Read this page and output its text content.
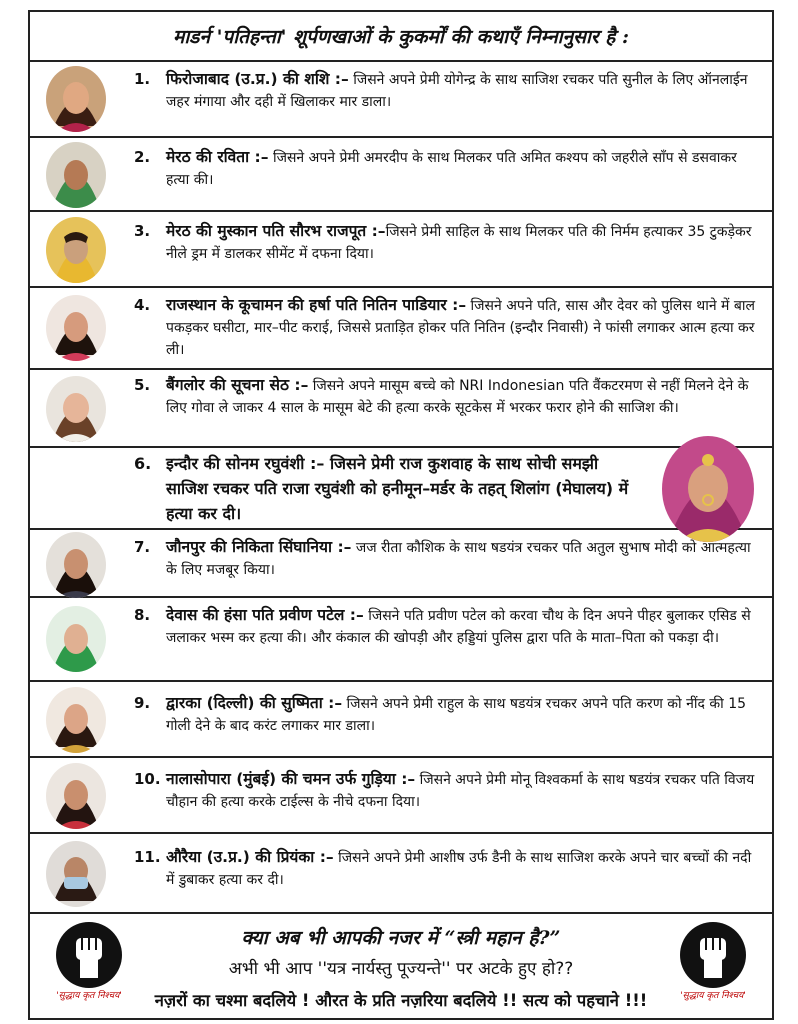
माडर्न 'पतिहन्ता' शूर्पणखाओं के कुकर्मों की कथाएँ निम्नानुसार है :
1. फिरोजाबाद (उ.प्र.) की शशि :– जिसने अपने प्रेमी योगेन्द्र के साथ साजिश रचकर पति सुनील के लिए ऑनलाईन जहर मंगाया और दही में खिलाकर मार डाला।
2. मेरठ की रविता :– जिसने अपने प्रेमी अमरदीप के साथ मिलकर पति अमित कश्यप को जहरीले साँप से डसवाकर हत्या की।
3. मेरठ की मुस्कान पति सौरभ राजपूत :–जिसने प्रेमी साहिल के साथ मिलकर पति की निर्मम हत्याकर 35 टुकड़ेकर नीले ड्रम में डालकर सीमेंट में दफना दिया।
4. राजस्थान के कूचामन की हर्षा पति नितिन पाडियार :– जिसने अपने पति, सास और देवर को पुलिस थाने में बाल पकड़कर घसीटा, मार–पीट कराई, जिससे प्रताड़ित होकर पति नितिन (इन्दौर निवासी) ने फांसी लगाकर आत्म हत्या कर ली।
5. बैंगलोर की सूचना सेठ :– जिसने अपने मासूम बच्चे को NRI Indonesian पति वैंकटरमण से नहीं मिलने देने के लिए गोवा ले जाकर 4 साल के मासूम बेटे की हत्या करके सूटकेस में भरकर फरार होने की साजिश की।
6. इन्दौर की सोनम रघुवंशी :– जिसने प्रेमी राज कुशवाह के साथ सोची समझी साजिश रचकर पति राजा रघुवंशी को हनीमून–मर्डर के तहत् शिलांग (मेघालय) में हत्या कर दी।
7. जौनपुर की निकिता सिंघानिया :– जज रीता कौशिक के साथ षडयंत्र रचकर पति अतुल सुभाष मोदी को आत्महत्या के लिए मजबूर किया।
8. देवास की हंसा पति प्रवीण पटेल :– जिसने पति प्रवीण पटेल को करवा चौथ के दिन अपने पीहर बुलाकर एसिड से जलाकर भस्म कर हत्या की। और कंकाल की खोपड़ी और हड्डियां पुलिस द्वारा पति के माता–पिता को पकड़ा दी।
9. द्वारका (दिल्ली) की सुष्मिता :– जिसने अपने प्रेमी राहुल के साथ षडयंत्र रचकर अपने पति करण को नींद की 15 गोली देने के बाद करंट लगाकर मार डाला।
10. नालासोपारा (मुंबई) की चमन उर्फ गुड़िया :– जिसने अपने प्रेमी मोनू विश्वकर्मा के साथ षडयंत्र रचकर पति विजय चौहान की हत्या करके टाईल्स के नीचे दफना दिया।
11. औरैया (उ.प्र.) की प्रियंका :– जिसने अपने प्रेमी आशीष उर्फ डैनी के साथ साजिश करके अपने चार बच्चों की नदी में डुबाकर हत्या कर दी।
'सुद्धाय कृत निश्चय'	'सुद्धाय कृत निश्चय'
क्या अब भी आपकी नजर में “स्त्री महान है?”
अभी भी आप ''यत्र नार्यस्तु पूज्यन्ते'' पर अटके हुए हो??
नज़रों का चश्मा बदलिये ! औरत के प्रति नज़रिया बदलिये !! सत्य को पहचाने !!!
